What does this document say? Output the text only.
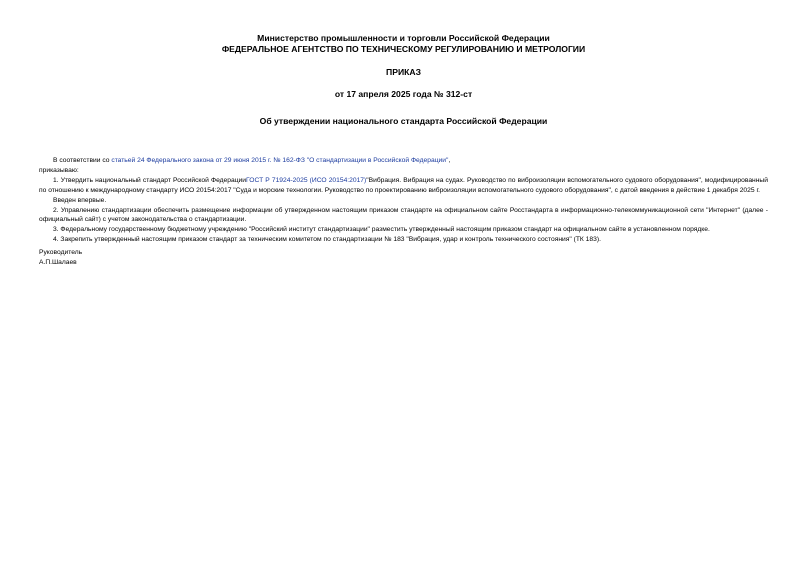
Министерство промышленности и торговли Российской Федерации
ФЕДЕРАЛЬНОЕ АГЕНТСТВО ПО ТЕХНИЧЕСКОМУ РЕГУЛИРОВАНИЮ И МЕТРОЛОГИИ
ПРИКАЗ
от 17 апреля 2025 года № 312-ст
Об утверждении национального стандарта Российской Федерации

В соответствии со статьей 24 Федерального закона от 29 июня 2015 г. № 162-ФЗ "О стандартизации в Российской Федерации",

приказываю:

1. Утвердить национальный стандарт Российской ФедерацииГОСТ Р 71924-2025 (ИСО 20154:2017)"Вибрация. Вибрация на судах. Руководство по виброизоляции вспомогательного судового оборудования", модифицированный по отношению к международному стандарту ИСО 20154:2017 "Суда и морские технологии. Руководство по проектированию виброизоляции вспомогательного судового оборудования", с датой введения в действие 1 декабря 2025 г.

Введен впервые.

2. Управлению стандартизации обеспечить размещение информации об утвержденном настоящим приказом стандарте на официальном сайте Росстандарта в информационно-телекоммуникационной сети "Интернет" (далее - официальный сайт) с учетом законодательства о стандартизации.

3. Федеральному государственному бюджетному учреждению "Российский институт стандартизации" разместить утвержденный настоящим приказом стандарт на официальном сайте в установленном порядке.

4. Закрепить утвержденный настоящим приказом стандарт за техническим комитетом по стандартизации № 183 "Вибрация, удар и контроль технического состояния" (ТК 183).

Руководитель

А.П.Шалаев
